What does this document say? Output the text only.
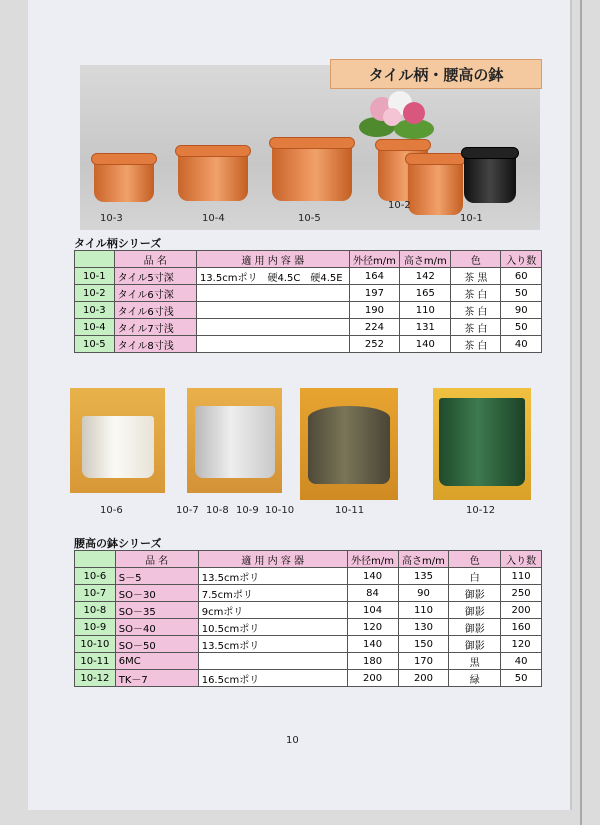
タイル柄・腰高の鉢
10-3	10-4	10-5
10-2
10-1
タイル柄シリーズ
	品 名	適 用 内 容 器	外径m/m	高さm/m	色	入り数
10-1	タイル5寸深	13.5cmポリ　硬4.5C　硬4.5E	164	142	茶 黒	60
10-2	タイル6寸深		197	165	茶 白	50
10-3	タイル6寸浅		190	110	茶 白	90
10-4	タイル7寸浅		224	131	茶 白	50
10-5	タイル8寸浅		252	140	茶 白	40
10-6	10-7 10-8 10-9 10-10	10-11	10-12
腰高の鉢シリーズ
	品 名	適 用 内 容 器	外径m/m	高さm/m	色	入り数
10-6	S－5	13.5cmポリ	140	135	白	110
10-7	SO－30	7.5cmポリ	84	90	御影	250
10-8	SO－35	9cmポリ	104	110	御影	200
10-9	SO－40	10.5cmポリ	120	130	御影	160
10-10	SO－50	13.5cmポリ	140	150	御影	120
10-11	6MC		180	170	黒	40
10-12	TK－7	16.5cmポリ	200	200	緑	50
10
